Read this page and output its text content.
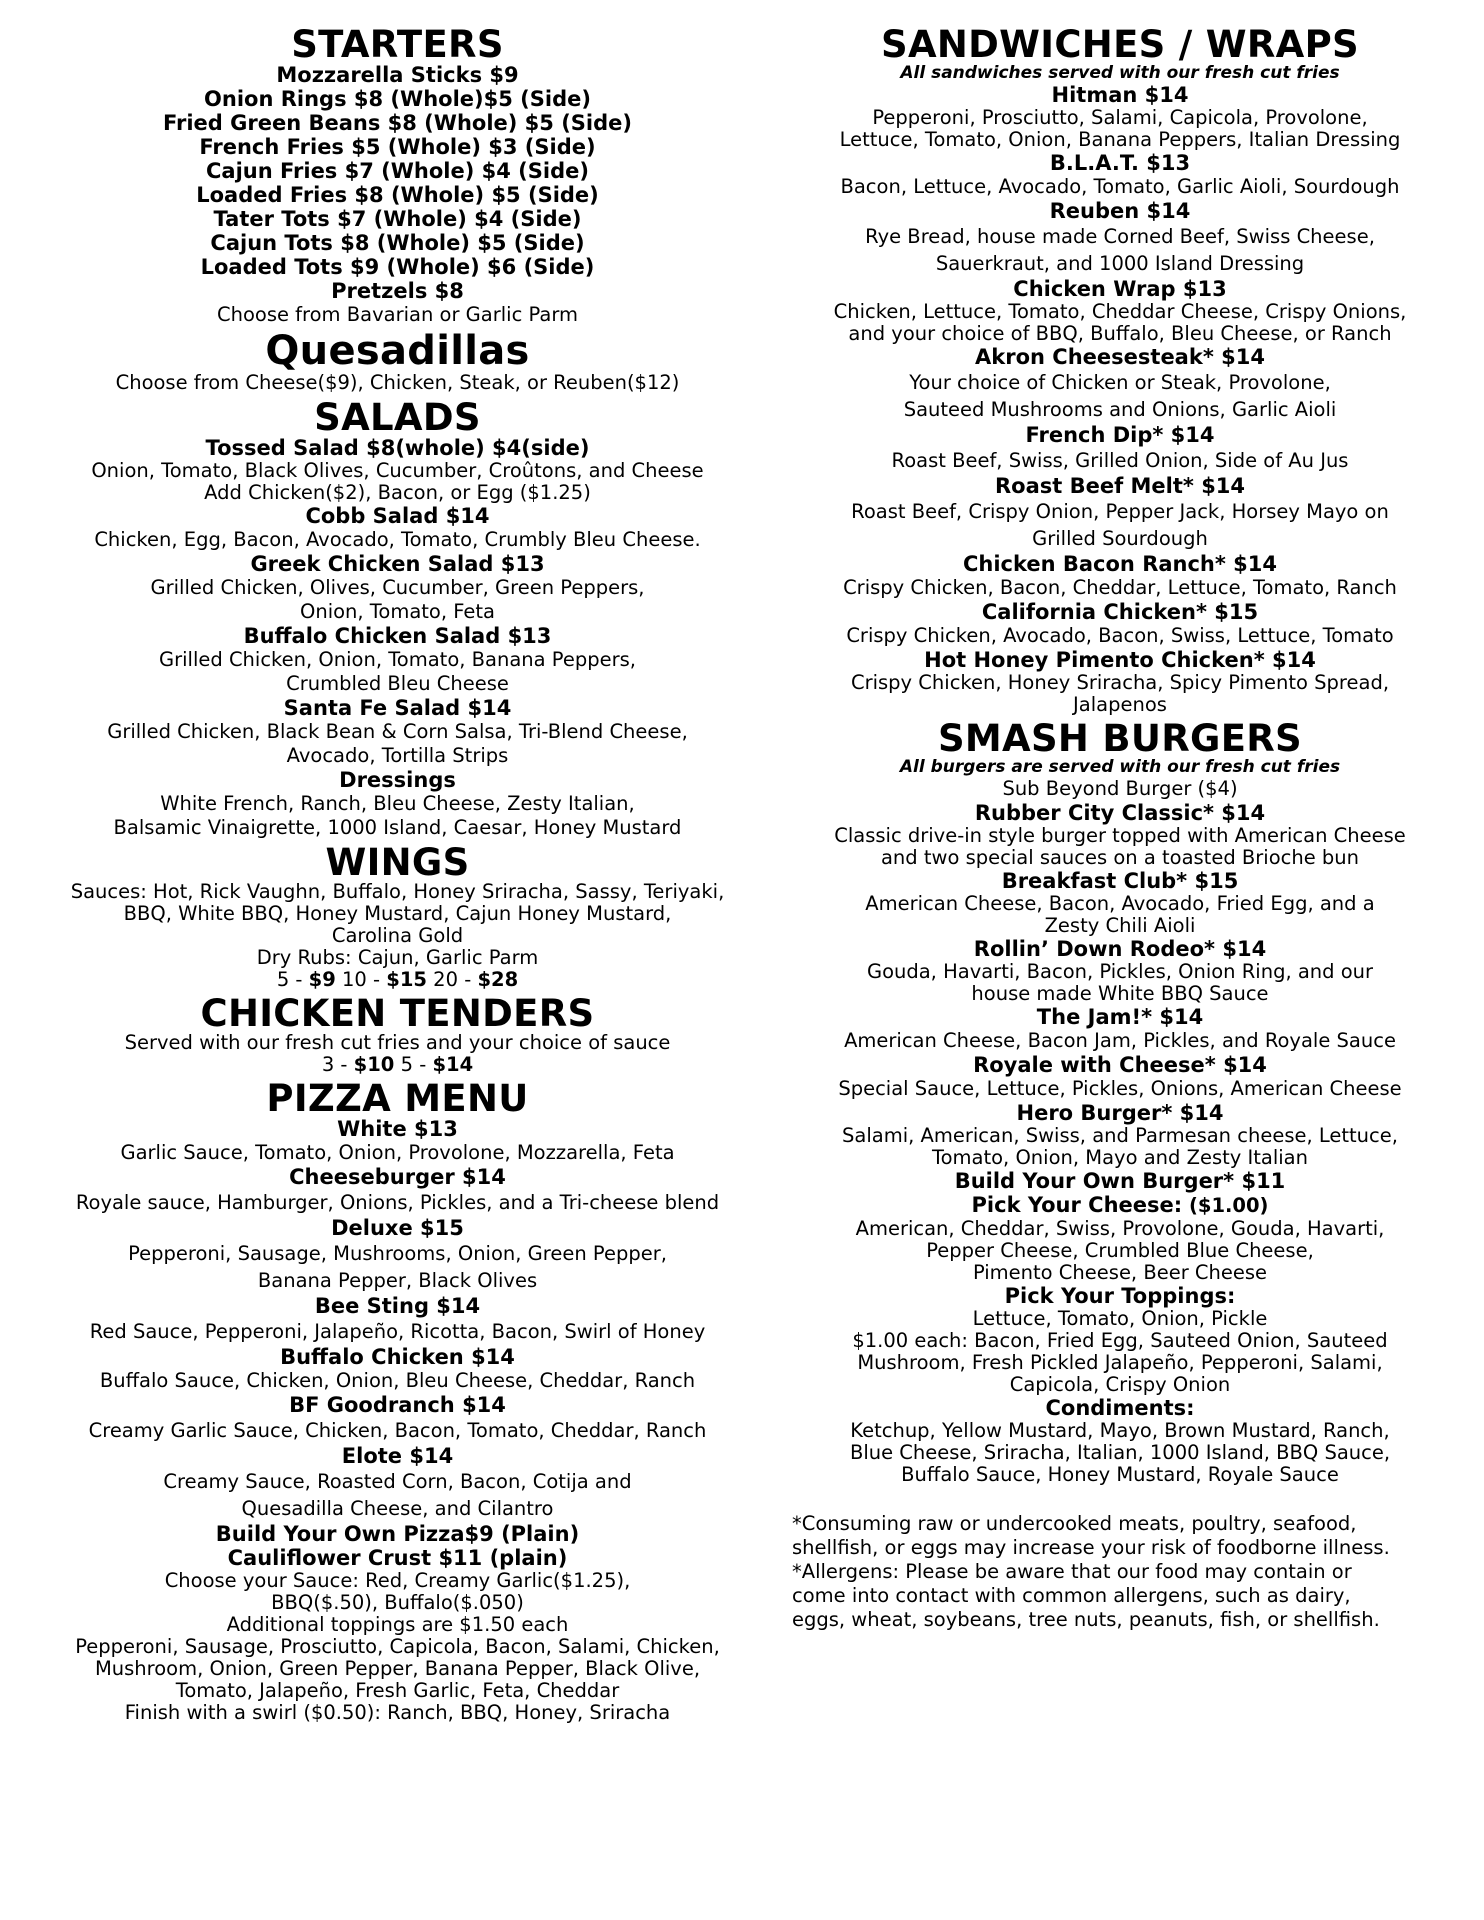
STARTERS
Mozzarella Sticks $9
Onion Rings $8 (Whole)$5 (Side)
Fried Green Beans $8 (Whole) $5 (Side)
French Fries $5 (Whole) $3 (Side)
Cajun Fries $7 (Whole) $4 (Side)
Loaded Fries $8 (Whole) $5 (Side)
Tater Tots $7 (Whole) $4 (Side)
Cajun Tots $8 (Whole) $5 (Side)
Loaded Tots $9 (Whole) $6 (Side)
Pretzels $8
Choose from Bavarian or Garlic Parm
Quesadillas
Choose from Cheese($9), Chicken, Steak, or Reuben($12)
SALADS
Tossed Salad $8(whole) $4(side)
Onion, Tomato, Black Olives, Cucumber, Croûtons, and Cheese
Add Chicken($2), Bacon, or Egg ($1.25)
Cobb Salad $14
Chicken, Egg, Bacon, Avocado, Tomato, Crumbly Bleu Cheese.
Greek Chicken Salad $13
Grilled Chicken, Olives, Cucumber, Green Peppers,
Onion, Tomato, Feta
Buffalo Chicken Salad $13
Grilled Chicken, Onion, Tomato, Banana Peppers,
Crumbled Bleu Cheese
Santa Fe Salad $14
Grilled Chicken, Black Bean & Corn Salsa, Tri-Blend Cheese,
Avocado, Tortilla Strips
Dressings
White French, Ranch, Bleu Cheese, Zesty Italian,
Balsamic Vinaigrette, 1000 Island, Caesar, Honey Mustard
WINGS
Sauces: Hot, Rick Vaughn, Buffalo, Honey Sriracha, Sassy, Teriyaki,
BBQ, White BBQ, Honey Mustard, Cajun Honey Mustard,
Carolina Gold
Dry Rubs: Cajun, Garlic Parm
5 - $9 10 - $15 20 - $28
CHICKEN TENDERS
Served with our fresh cut fries and your choice of sauce
3 - $10 5 - $14
PIZZA MENU
White $13
Garlic Sauce, Tomato, Onion, Provolone, Mozzarella, Feta
Cheeseburger $14
Royale sauce, Hamburger, Onions, Pickles, and a Tri-cheese blend
Deluxe $15
Pepperoni, Sausage, Mushrooms, Onion, Green Pepper,
Banana Pepper, Black Olives
Bee Sting $14
Red Sauce, Pepperoni, Jalapeño, Ricotta, Bacon, Swirl of Honey
Buffalo Chicken $14
Buffalo Sauce, Chicken, Onion, Bleu Cheese, Cheddar, Ranch
BF Goodranch $14
Creamy Garlic Sauce, Chicken, Bacon, Tomato, Cheddar, Ranch
Elote $14
Creamy Sauce, Roasted Corn, Bacon, Cotija and
Quesadilla Cheese, and Cilantro
Build Your Own Pizza$9 (Plain)
Cauliflower Crust $11 (plain)
Choose your Sauce: Red, Creamy Garlic($1.25),
BBQ($.50), Buffalo($.050)
Additional toppings are $1.50 each
Pepperoni, Sausage, Prosciutto, Capicola, Bacon, Salami, Chicken,
Mushroom, Onion, Green Pepper, Banana Pepper, Black Olive,
Tomato, Jalapeño, Fresh Garlic, Feta, Cheddar
Finish with a swirl ($0.50): Ranch, BBQ, Honey, Sriracha
SANDWICHES / WRAPS
All sandwiches served with our fresh cut fries
Hitman $14
Pepperoni, Prosciutto, Salami, Capicola, Provolone,
Lettuce, Tomato, Onion, Banana Peppers, Italian Dressing
B.L.A.T. $13
Bacon, Lettuce, Avocado, Tomato, Garlic Aioli, Sourdough
Reuben $14
Rye Bread, house made Corned Beef, Swiss Cheese,
Sauerkraut, and 1000 Island Dressing
Chicken Wrap $13
Chicken, Lettuce, Tomato, Cheddar Cheese, Crispy Onions,
and your choice of BBQ, Buffalo, Bleu Cheese, or Ranch
Akron Cheesesteak* $14
Your choice of Chicken or Steak, Provolone,
Sauteed Mushrooms and Onions, Garlic Aioli
French Dip* $14
Roast Beef, Swiss, Grilled Onion, Side of Au Jus
Roast Beef Melt* $14
Roast Beef, Crispy Onion, Pepper Jack, Horsey Mayo on
Grilled Sourdough
Chicken Bacon Ranch* $14
Crispy Chicken, Bacon, Cheddar, Lettuce, Tomato, Ranch
California Chicken* $15
Crispy Chicken, Avocado, Bacon, Swiss, Lettuce, Tomato
Hot Honey Pimento Chicken* $14
Crispy Chicken, Honey Sriracha, Spicy Pimento Spread,
Jalapenos
SMASH BURGERS
All burgers are served with our fresh cut fries
Sub Beyond Burger ($4)
Rubber City Classic* $14
Classic drive-in style burger topped with American Cheese
and two special sauces on a toasted Brioche bun
Breakfast Club* $15
American Cheese, Bacon, Avocado, Fried Egg, and a
Zesty Chili Aioli
Rollin’ Down Rodeo* $14
Gouda, Havarti, Bacon, Pickles, Onion Ring, and our
house made White BBQ Sauce
The Jam!* $14
American Cheese, Bacon Jam, Pickles, and Royale Sauce
Royale with Cheese* $14
Special Sauce, Lettuce, Pickles, Onions, American Cheese
Hero Burger* $14
Salami, American, Swiss, and Parmesan cheese, Lettuce,
Tomato, Onion, Mayo and Zesty Italian
Build Your Own Burger* $11
Pick Your Cheese: ($1.00)
American, Cheddar, Swiss, Provolone, Gouda, Havarti,
Pepper Cheese, Crumbled Blue Cheese,
Pimento Cheese, Beer Cheese
Pick Your Toppings:
Lettuce, Tomato, Onion, Pickle
$1.00 each: Bacon, Fried Egg, Sauteed Onion, Sauteed
Mushroom, Fresh Pickled Jalapeño, Pepperoni, Salami,
Capicola, Crispy Onion
Condiments:
Ketchup, Yellow Mustard, Mayo, Brown Mustard, Ranch,
Blue Cheese, Sriracha, Italian, 1000 Island, BBQ Sauce,
Buffalo Sauce, Honey Mustard, Royale Sauce
*Consuming raw or undercooked meats, poultry, seafood,
shellfish, or eggs may increase your risk of foodborne illness.
*Allergens: Please be aware that our food may contain or
come into contact with common allergens, such as dairy,
eggs, wheat, soybeans, tree nuts, peanuts, fish, or shellfish.
